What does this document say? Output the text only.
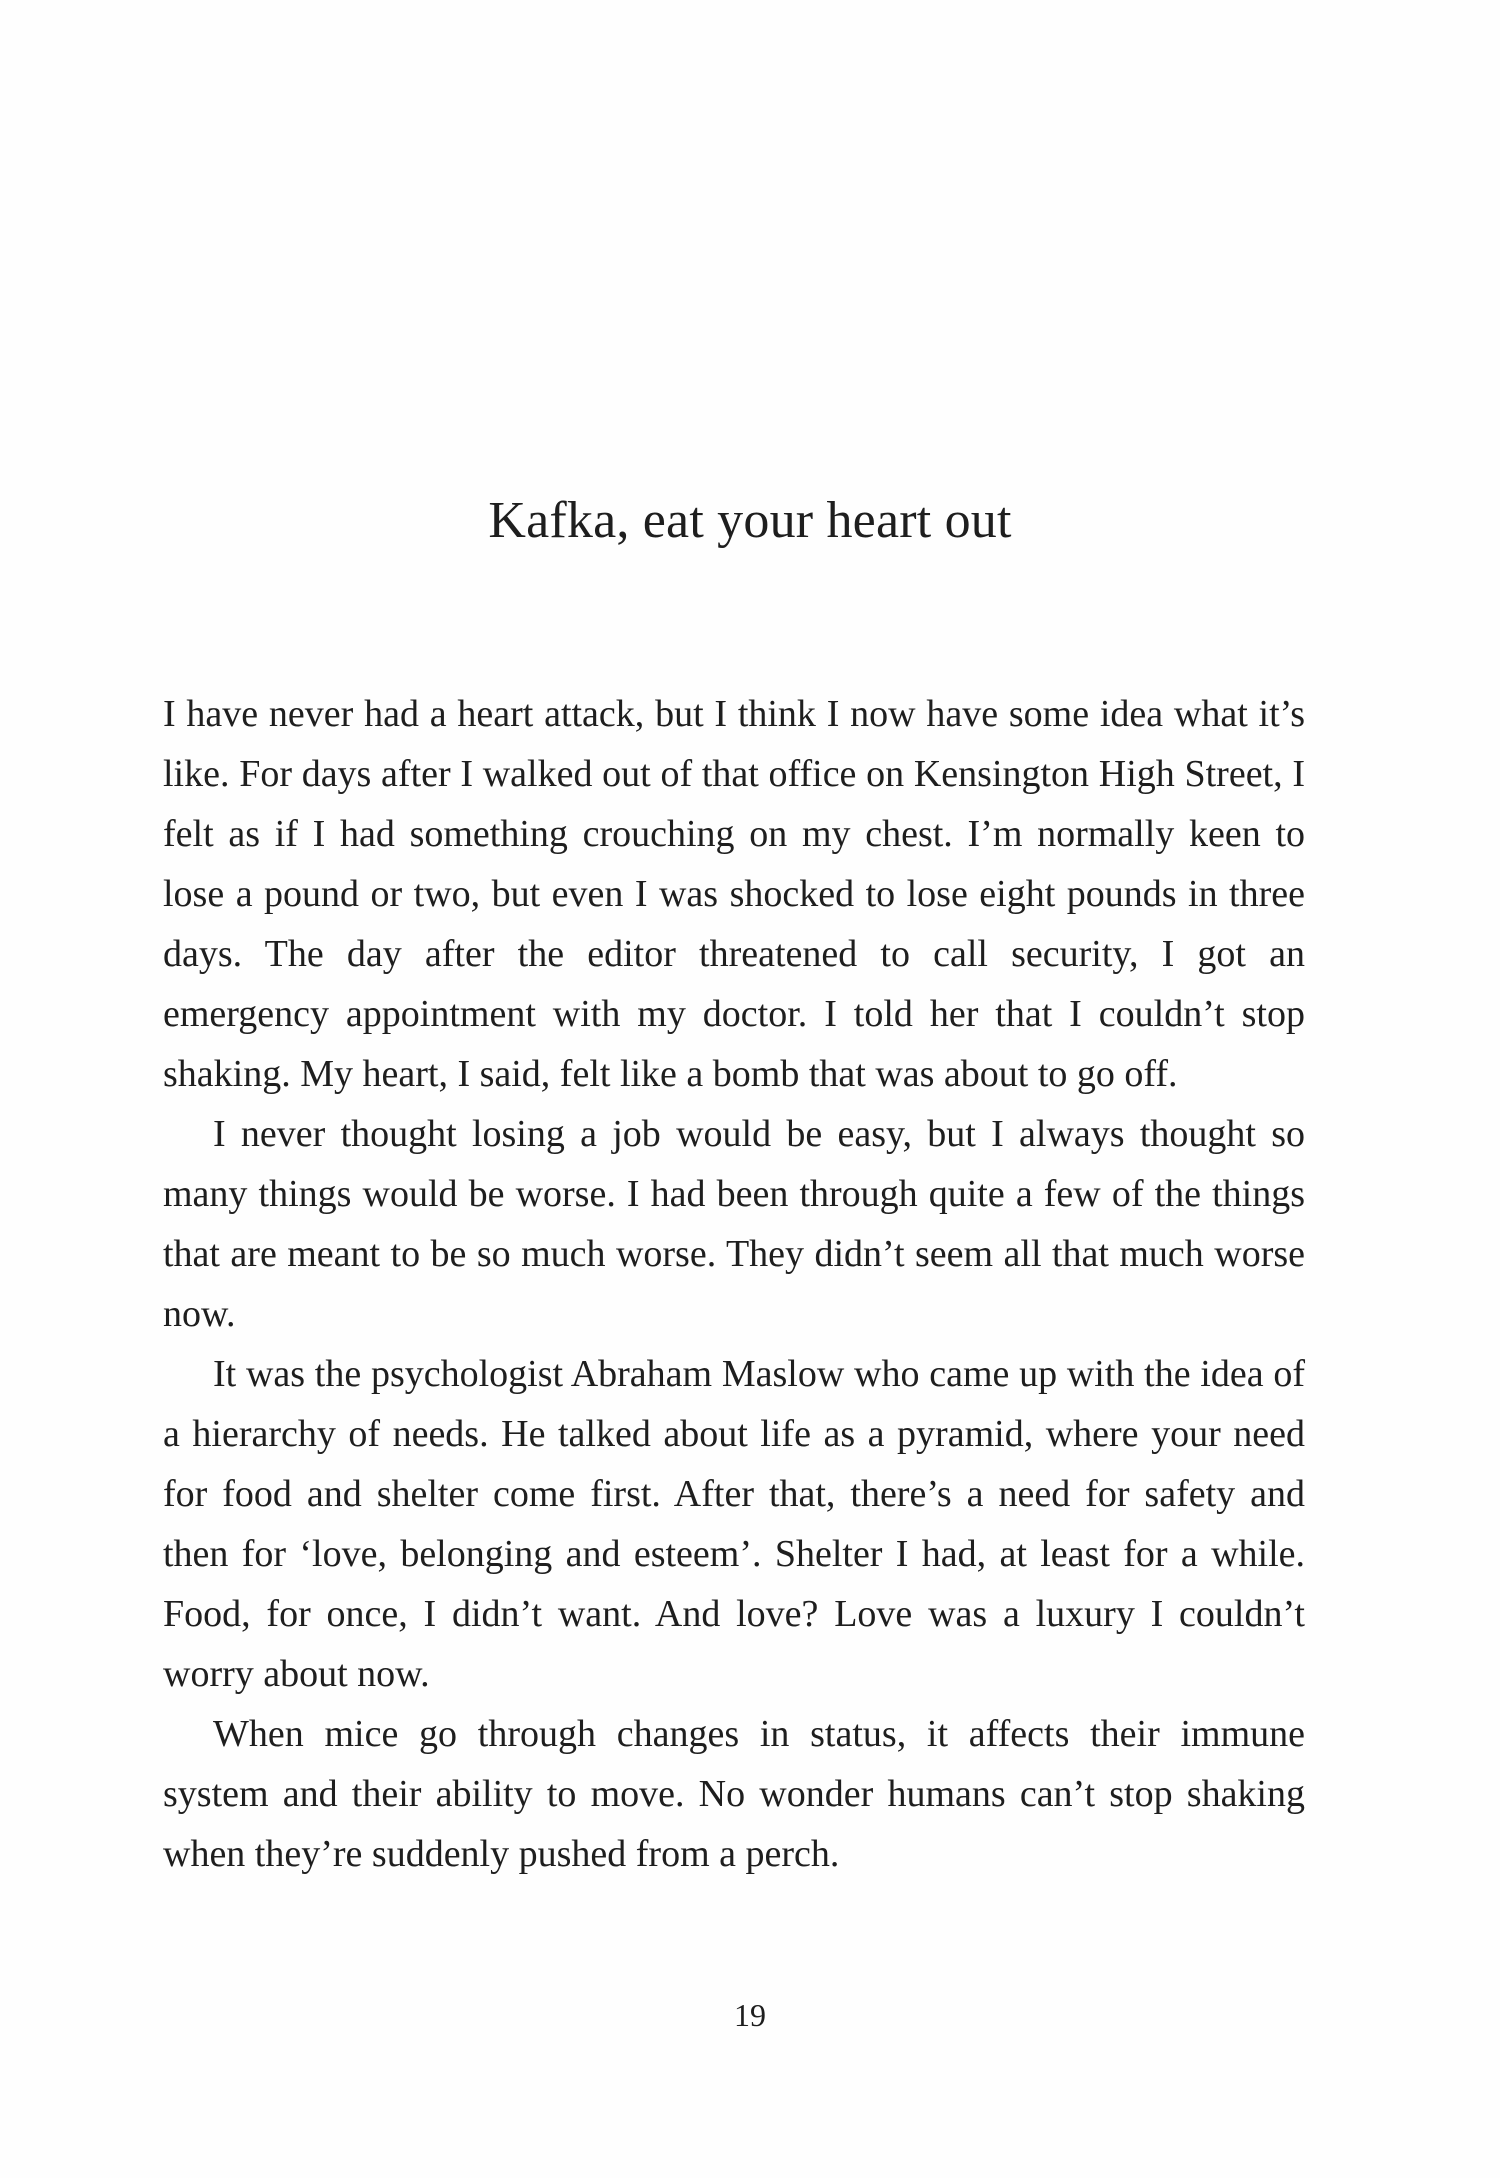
Kafka, eat your heart out

I have never had a heart attack, but I think I now have some idea what it’s like. For days after I walked out of that office on Kensington High Street, I felt as if I had something crouching on my chest. I’m normally keen to lose a pound or two, but even I was shocked to lose eight pounds in three days. The day after the editor threatened to call security, I got an emergency appointment with my doctor. I told her that I couldn’t stop shaking. My heart, I said, felt like a bomb that was about to go off.

I never thought losing a job would be easy, but I always thought so many things would be worse. I had been through quite a few of the things that are meant to be so much worse. They didn’t seem all that much worse now.

It was the psychologist Abraham Maslow who came up with the idea of a hierarchy of needs. He talked about life as a pyramid, where your need for food and shelter come first. After that, there’s a need for safety and then for ‘love, belonging and esteem’. Shelter I had, at least for a while. Food, for once, I didn’t want. And love? Love was a luxury I couldn’t worry about now.

When mice go through changes in status, it affects their immune system and their ability to move. No wonder humans can’t stop shaking when they’re suddenly pushed from a perch.

19
